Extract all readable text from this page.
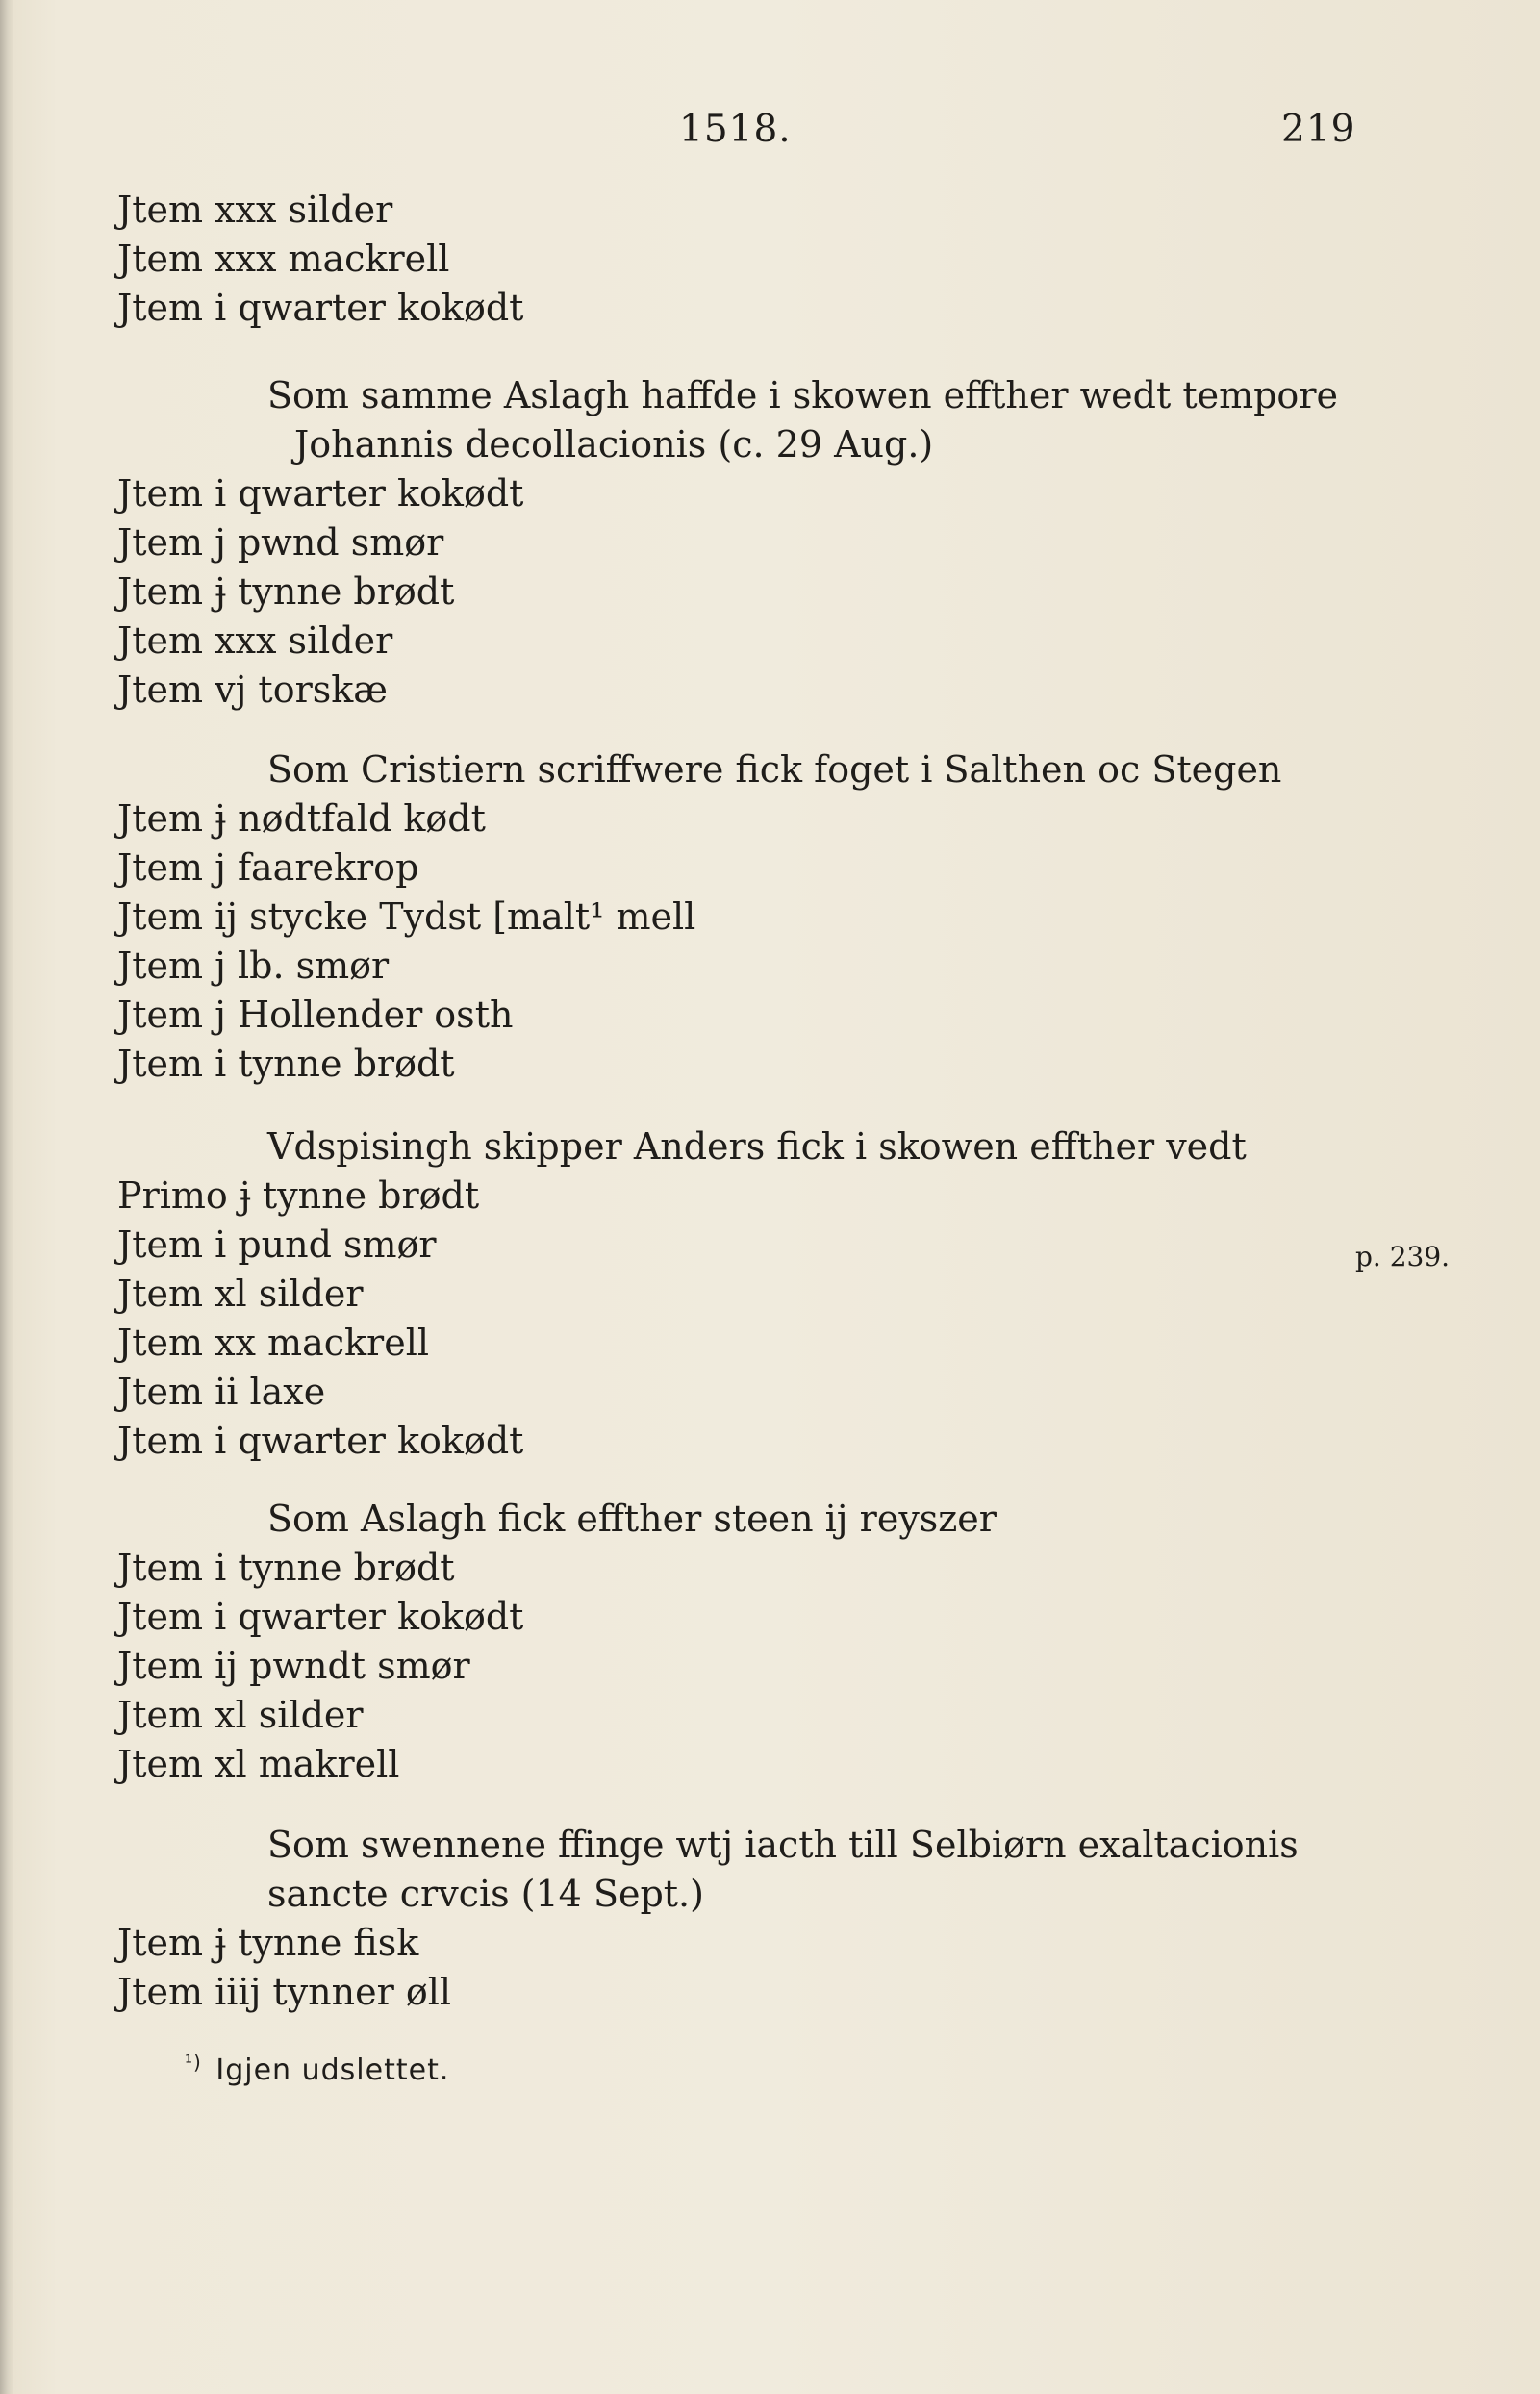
1518.	219
Jtem xxx silder
Jtem xxx mackrell
Jtem i qwarter kokødt
Som samme Aslagh haffde i skowen effther wedt tempore
Johannis decollacionis (c. 29 Aug.)
Jtem i qwarter kokødt
Jtem j pwnd smør
Jtem ɉ tynne brødt
Jtem xxx silder
Jtem vj torskæ
Som Cristiern scriffwere fick foget i Salthen oc Stegen
Jtem ɉ nødtfald kødt
Jtem j faarekrop
Jtem ij stycke Tydst [malt¹ mell
Jtem j lb. smør
Jtem j Hollender osth
Jtem i tynne brødt
Vdspisingh skipper Anders fick i skowen effther vedt
Primo ɉ tynne brødt
Jtem i pund smør
Jtem xl silder
Jtem xx mackrell
Jtem ii laxe
Jtem i qwarter kokødt
Som Aslagh fick effther steen ij reyszer
Jtem i tynne brødt
Jtem i qwarter kokødt
Jtem ij pwndt smør
Jtem xl silder
Jtem xl makrell
Som swennene ffinge wtj iacth till Selbiørn exaltacionis
sancte crvcis (14 Sept.)
Jtem ɉ tynne fisk
Jtem iiij tynner øll
p. 239.
$^{^1)}$ Igjen udslettet.
